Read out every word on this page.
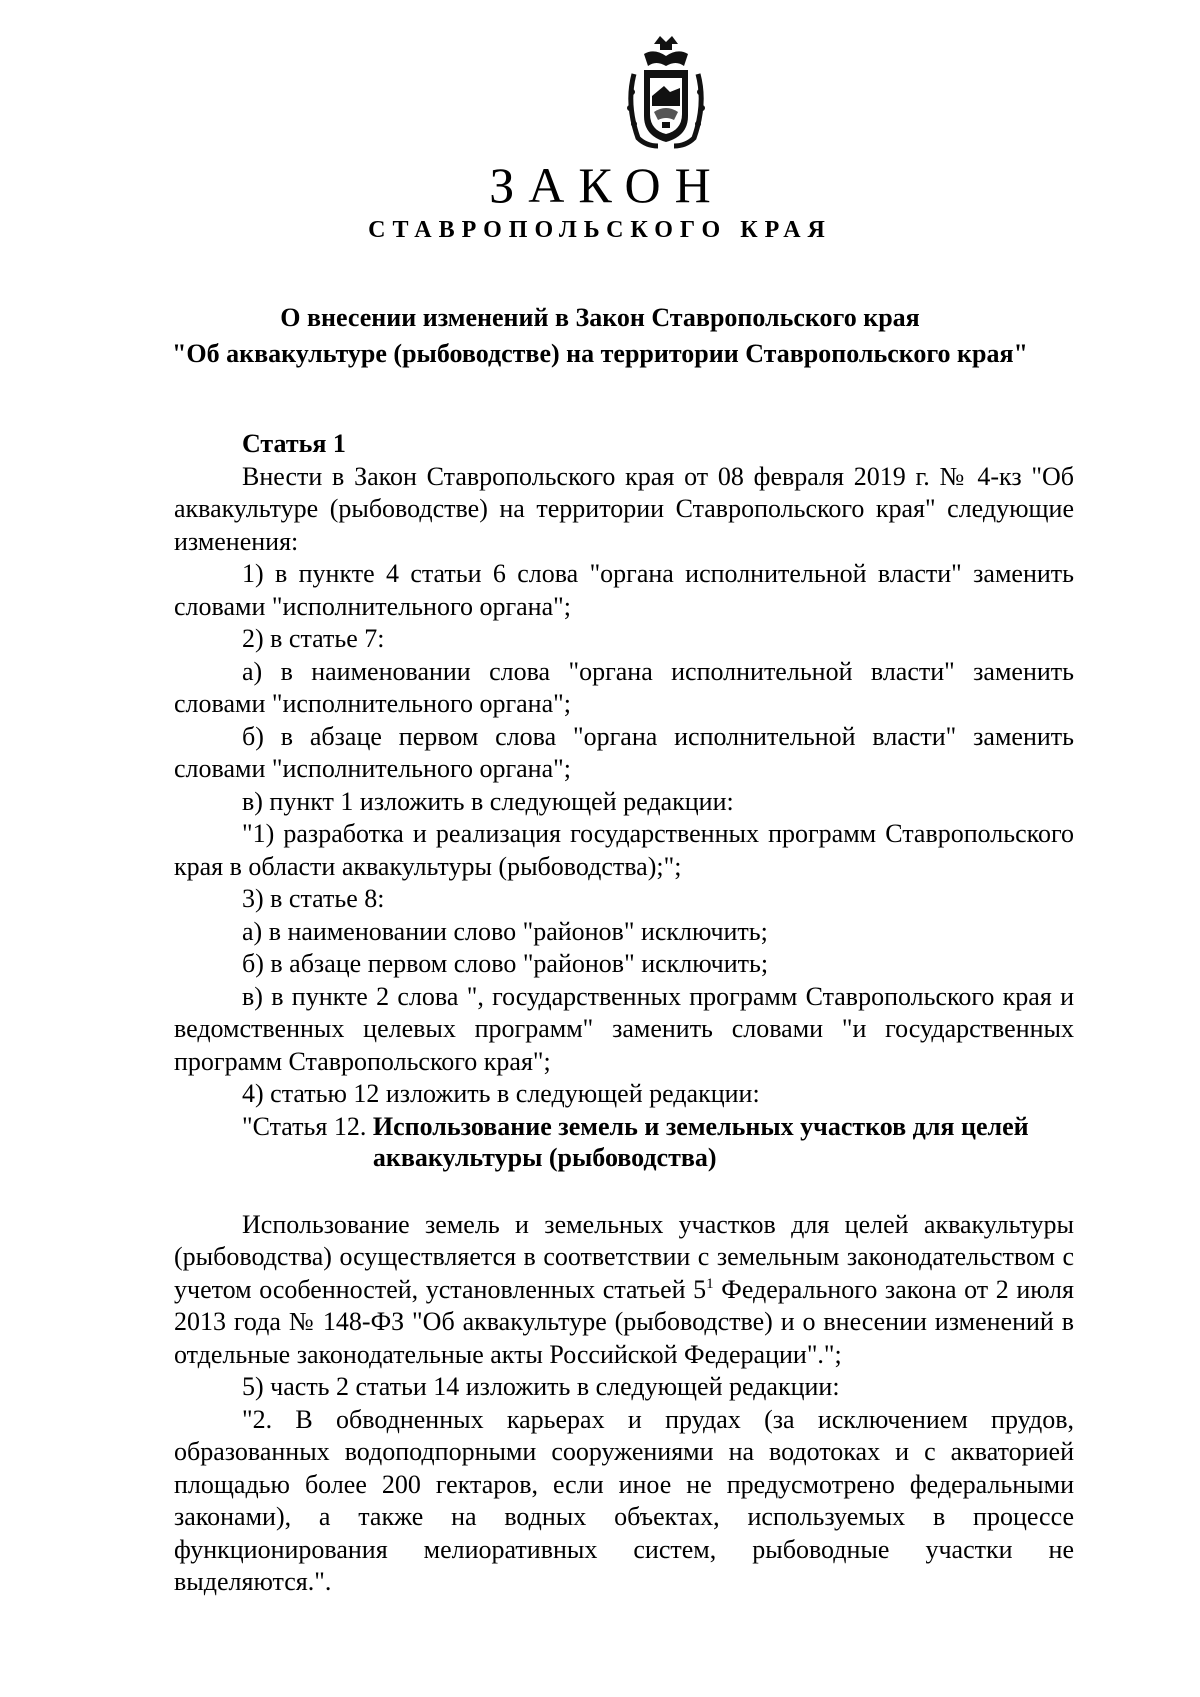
ЗАКОН
СТАВРОПОЛЬСКОГО КРАЯ
О внесении изменений в Закон Ставропольского края
"Об аквакультуре (рыбоводстве) на территории Ставропольского края"

Статья 1

Внести в Закон Ставропольского края от 08 февраля 2019 г. № 4-кз "Об аквакультуре (рыбоводстве) на территории Ставропольского края" следующие изменения:

1) в пункте 4 статьи 6 слова "органа исполнительной власти" заменить словами "исполнительного органа";

2) в статье 7:

а) в наименовании слова "органа исполнительной власти" заменить словами "исполнительного органа";

б) в абзаце первом слова "органа исполнительной власти" заменить словами "исполнительного органа";

в) пункт 1 изложить в следующей редакции:

"1) разработка и реализация государственных программ Ставропольского края в области аквакультуры (рыбоводства);";

3) в статье 8:

а) в наименовании слово "районов" исключить;

б) в абзаце первом слово "районов" исключить;

в) в пункте 2 слова ", государственных программ Ставропольского края и ведомственных целевых программ" заменить словами "и государственных программ Ставропольского края";

4) статью 12 изложить в следующей редакции:

"Статья 12. Использование земель и земельных участков для целей аквакультуры (рыбоводства)

Использование земель и земельных участков для целей аквакультуры (рыбоводства) осуществляется в соответствии с земельным законодательством с учетом особенностей, установленных статьей $5^1$ Федерального закона от 2 июля 2013 года № 148-ФЗ "Об аквакультуре (рыбоводстве) и о внесении изменений в отдельные законодательные акты Российской Федерации".";

5) часть 2 статьи 14 изложить в следующей редакции:

"2. В обводненных карьерах и прудах (за исключением прудов, образованных водоподпорными сооружениями на водотоках и с акваторией площадью более 200 гектаров, если иное не предусмотрено федеральными законами), а также на водных объектах, используемых в процессе функционирования мелиоративных систем, рыбоводные участки не выделяются.".
